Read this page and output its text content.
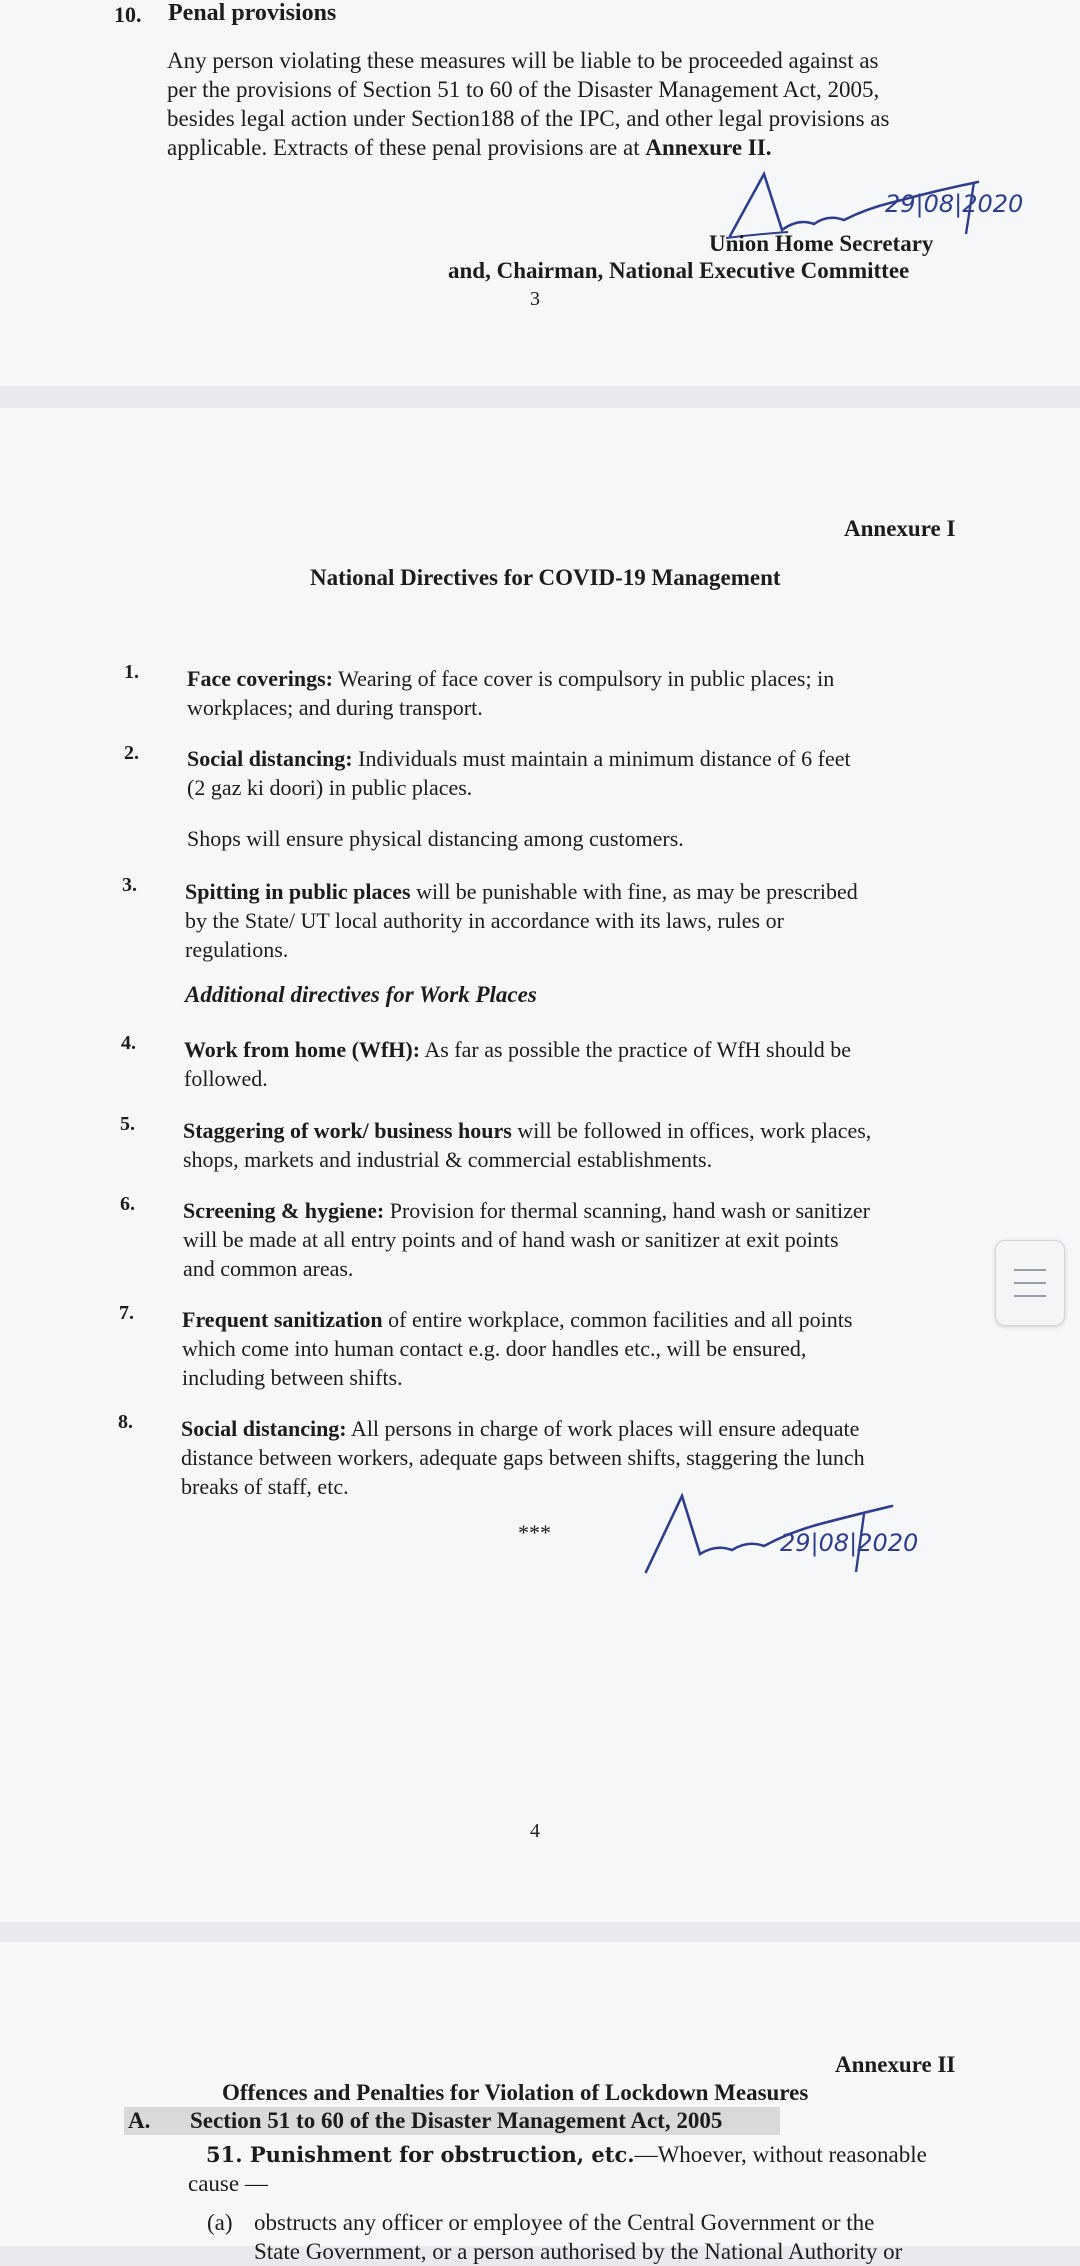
10. Penal provisions
Any person violating these measures will be liable to be proceeded against as
per the provisions of Section 51 to 60 of the Disaster Management Act, 2005,
besides legal action under Section188 of the IPC, and other legal provisions as
applicable. Extracts of these penal provisions are at Annexure II.
29|08|2020
Union Home Secretary
and, Chairman, National Executive Committee
3
Annexure I
National Directives for COVID-19 Management
1. Face coverings: Wearing of face cover is compulsory in public places; in
workplaces; and during transport.
2. Social distancing: Individuals must maintain a minimum distance of 6 feet
(2 gaz ki doori) in public places.
Shops will ensure physical distancing among customers.
3. Spitting in public places will be punishable with fine, as may be prescribed
by the State/ UT local authority in accordance with its laws, rules or
regulations.
Additional directives for Work Places
4. Work from home (WfH): As far as possible the practice of WfH should be
followed.
5. Staggering of work/ business hours will be followed in offices, work places,
shops, markets and industrial & commercial establishments.
6. Screening & hygiene: Provision for thermal scanning, hand wash or sanitizer
will be made at all entry points and of hand wash or sanitizer at exit points
and common areas.
7. Frequent sanitization of entire workplace, common facilities and all points
which come into human contact e.g. door handles etc., will be ensured,
including between shifts.
8. Social distancing: All persons in charge of work places will ensure adequate
distance between workers, adequate gaps between shifts, staggering the lunch
breaks of staff, etc.
***	29|08|2020
4
Annexure II
Offences and Penalties for Violation of Lockdown Measures
A. Section 51 to 60 of the Disaster Management Act, 2005
51. Punishment for obstruction, etc.—Whoever, without reasonable
cause —
(a) obstructs any officer or employee of the Central Government or the
State Government, or a person authorised by the National Authority or
